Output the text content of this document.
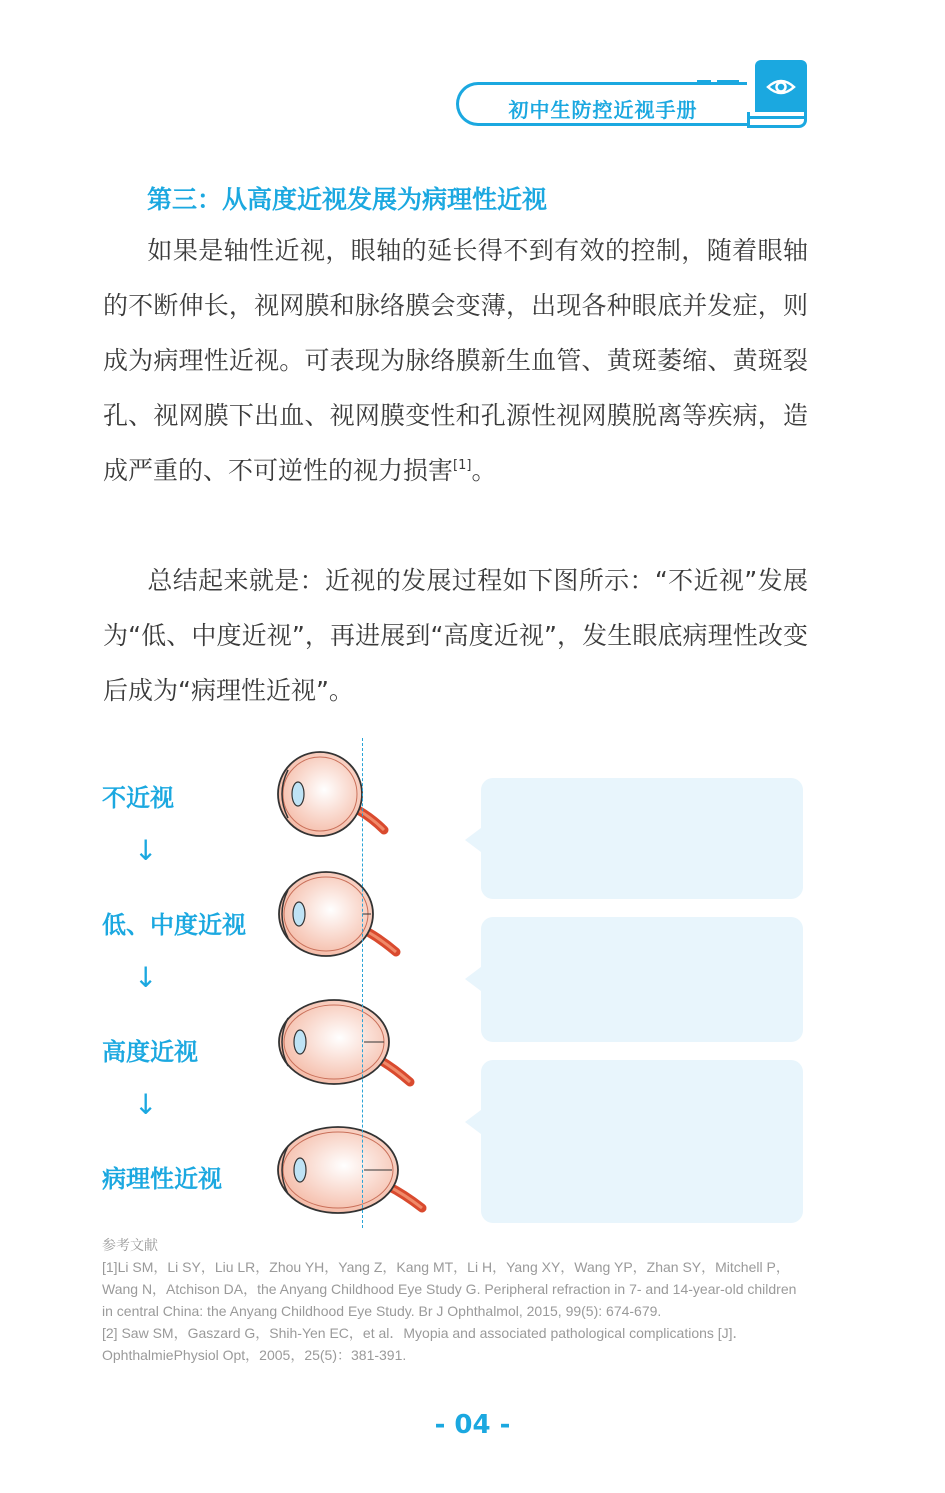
初中生防控近视手册
第三：从高度近视发展为病理性近视

如果是轴性近视，眼轴的延长得不到有效的控制，随着眼轴的不断伸长，视网膜和脉络膜会变薄，出现各种眼底并发症，则成为病理性近视。可表现为脉络膜新生血管、黄斑萎缩、黄斑裂孔、视网膜下出血、视网膜变性和孔源性视网膜脱离等疾病，造成严重的、不可逆性的视力损害[1]。

总结起来就是：近视的发展过程如下图所示：“不近视”发展为“低、中度近视”，再进展到“高度近视”，发生眼底病理性改变后成为“病理性近视”。

不近视
↓
低、中度近视
↓
高度近视
↓
病理性近视

参考文献

[1]Li SM，Li SY，Liu LR，Zhou YH，Yang Z，Kang MT，Li H，Yang XY，Wang YP，Zhan SY，Mitchell P，Wang N，Atchison DA，the Anyang Childhood Eye Study G. Peripheral refraction in 7- and 14-year-old children in central China: the Anyang Childhood Eye Study. Br J Ophthalmol, 2015, 99(5): 674-679.

[2] Saw SM，Gaszard G，Shih-Yen EC，et al．Myopia and associated pathological complications [J]．OphthalmiePhysiol Opt，2005，25(5)：381-391.

- 04 -
